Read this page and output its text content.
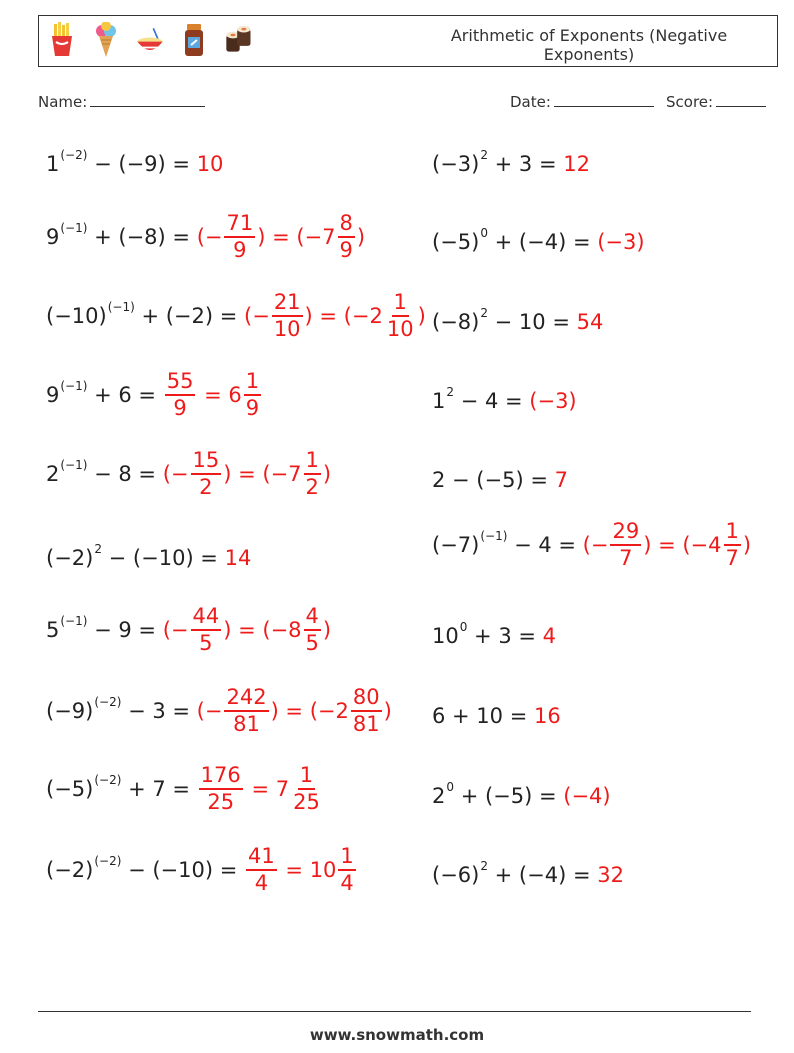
Arithmetic of Exponents (Negative Exponents)
Name:	Date:	Score:
$1^{(-2)} - (-9) = 10$
$9^{(-1)} + (-8)$ = (− $\frac{71}{9}$ ) = ($-7 \frac{8}{9}$ )
$(-10)^{(-1)} + (-2)$ = (− $\frac{21}{10}$ ) = ($-2 \frac{1}{10}$ )
$9^{(-1)} + 6 = \frac{55}{9} = 6 \frac{1}{9}$
$2^{(-1)} - 8$ = (− $\frac{15}{2}$ ) = ($-7 \frac{1}{2}$ )
$(-2)^2 - (-10) = 14$
$5^{(-1)} - 9$ = (− $\frac{44}{5}$ ) = ($-8 \frac{4}{5}$ )
$(-9)^{(-2)} - 3$ = (− $\frac{242}{81}$ ) = ($-2 \frac{80}{81}$ )
$(-5)^{(-2)} + 7 = \frac{176}{25} = 7 \frac{1}{25}$
$(-2)^{(-2)} - (-10) = \frac{41}{4} = 10 \frac{1}{4}$
$(-3)^2 + 3 = 12$
$(-5)^0 + (-4) = (-3)$
$(-8)^2 - 10 = 54$
$1^2 - 4 = (-3)$
2 − (−5) = 7
$(-7)^{(-1)} - 4$ = (− $\frac{29}{7}$ ) = ($-4 \frac{1}{7}$ )
$10^0 + 3 = 4$
6 + 10 = 16
$2^0 + (-5) = (-4)$
$(-6)^2 + (-4) = 32$
www.snowmath.com
